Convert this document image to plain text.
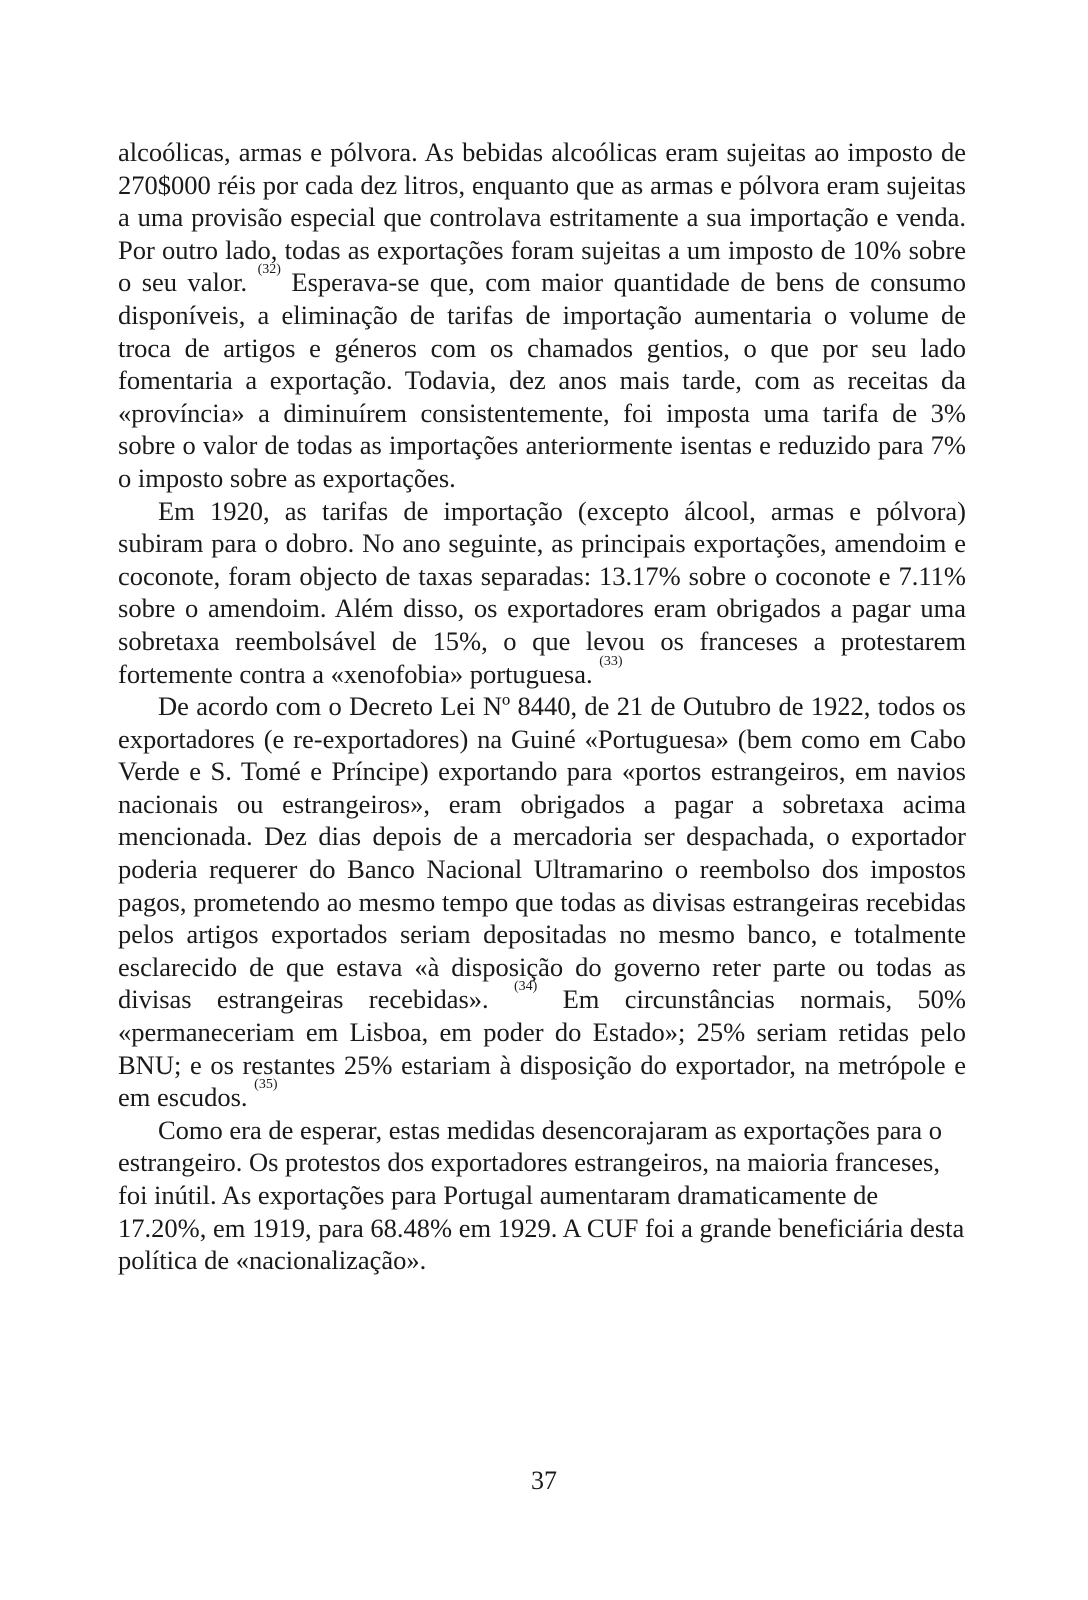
alcoólicas, armas e pólvora. As bebidas alcoólicas eram sujeitas ao imposto de 270$000 réis por cada dez litros, enquanto que as armas e pólvora eram sujeitas a uma provisão especial que controlava estritamente a sua importação e venda. Por outro lado, todas as exportações foram sujeitas a um imposto de 10% sobre o seu valor. $^{(32)}$ Esperava-se que, com maior quantidade de bens de consumo disponíveis, a eliminação de tarifas de importação aumentaria o volume de troca de artigos e géneros com os chamados gentios, o que por seu lado fomentaria a exportação. Todavia, dez anos mais tarde, com as receitas da «província» a diminuírem consistentemente, foi imposta uma tarifa de 3% sobre o valor de todas as importações anteriormente isentas e reduzido para 7% o imposto sobre as exportações.

Em 1920, as tarifas de importação (excepto álcool, armas e pólvora) subiram para o dobro. No ano seguinte, as principais exportações, amendoim e coconote, foram objecto de taxas separadas: 13.17% sobre o coconote e 7.11% sobre o amendoim. Além disso, os exportadores eram obrigados a pagar uma sobretaxa reembolsável de 15%, o que levou os franceses a protestarem fortemente contra a «xenofobia» portuguesa. $^{(33)}$

De acordo com o Decreto Lei Nº 8440, de 21 de Outubro de 1922, todos os exportadores (e re-exportadores) na Guiné «Portuguesa» (bem como em Cabo Verde e S. Tomé e Príncipe) exportando para «portos estrangeiros, em navios nacionais ou estrangeiros», eram obrigados a pagar a sobretaxa acima mencionada. Dez dias depois de a mercadoria ser despachada, o exportador poderia requerer do Banco Nacional Ultramarino o reembolso dos impostos pagos, prometendo ao mesmo tempo que todas as divisas estrangeiras recebidas pelos artigos exportados seriam depositadas no mesmo banco, e totalmente esclarecido de que estava «à disposição do governo reter parte ou todas as divisas estrangeiras recebidas». $^{(34)}$ Em circunstâncias normais, 50% «permaneceriam em Lisboa, em poder do Estado»; 25% seriam retidas pelo BNU; e os restantes 25% estariam à disposição do exportador, na metrópole e em escudos. $^{(35)}$

Como era de esperar, estas medidas desencorajaram as exportações para o estrangeiro. Os protestos dos exportadores estrangeiros, na maioria franceses, foi inútil. As exportações para Portugal aumentaram dramaticamente de 17.20%, em 1919, para 68.48% em 1929. A CUF foi a grande beneficiária desta política de «nacionalização».

37
